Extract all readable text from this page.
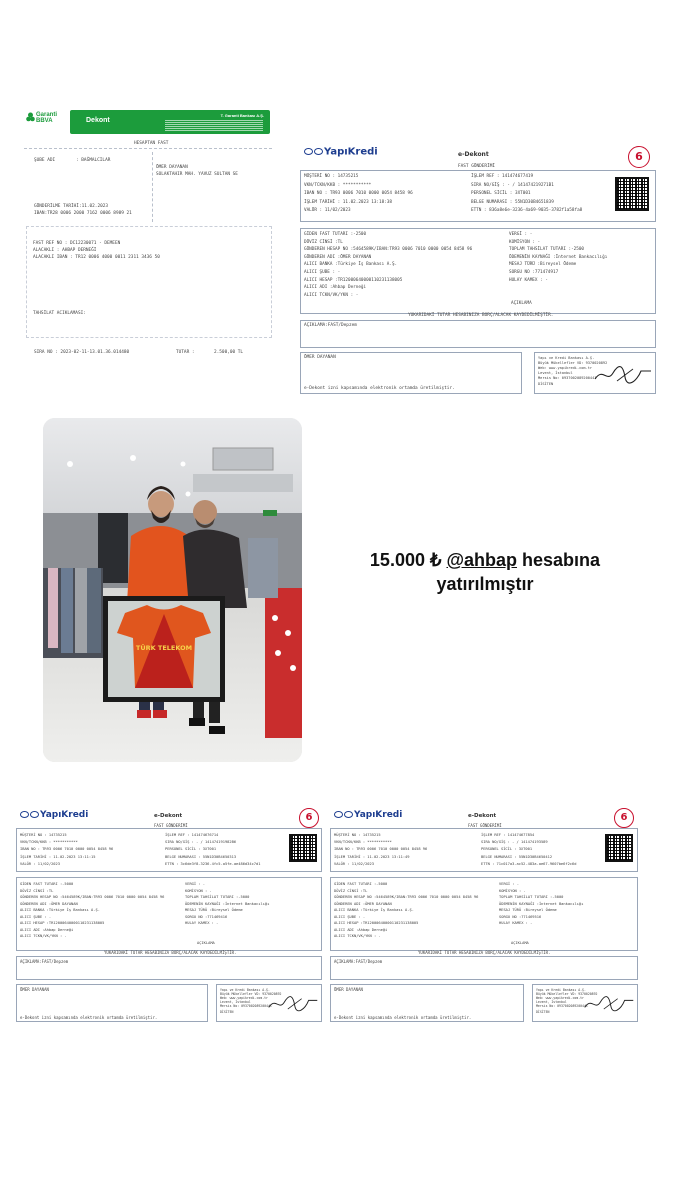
Garanti BBVA	Dekont
T. Garanti Bankası A.Ş.
HESAPTAN FAST
ŞUBE ADI	: BAĞMALCILAR
ÖMER DAYANAN
SOLAKTAHIR MAH. YAVUZ SULTAN SE
GÖNDERİLME TARİHİ:11.02.2023
IBAN:TR28 0006 2000 7162 0006 8989 21
FAST REF NO : DC12230071 - DEMEEN
ALACAKLI : AHBAP DERNEĞİ
ALACAKLI IBAN : TR12 0006 4000 0011 2311 3436 50
TAHSİLAT ACIKLAMASI:
SIRA NO : 2023-02-11-13.01.36.014480	TUTAR :	2.500,00 TL
YapıKredi	e-Dekont	6
FAST GÖNDERİMİ
MÜŞTERİ NO : 14735215
VKN/TCKN/KKB : ***********
IBAN NO : TR93 0006 7010 0000 0054 8458 96
İŞLEM TARİHİ : 11.02.2023 13:18:38
VALÖR : 11/02/2023
İŞLEM REF : 141474677419
SIRA NO/GİŞ : - / 141474219271B1
PERSONEL SİCİL : 3XT001
BELGE NUMARASI : 55N1D30B4651839
ETTN : 836a8e6e-3236-4a69-9035-3782f1a58fa8
GİDEN FAST TUTARI :-2500
DÖVİZ CİNSİ :TL
GÖNDEREN HESAP NO :5464589K/IBAN:TR93 0006 7010 0000 0054 8458 96
GÖNDEREN ADI :ÖMER DAYANAN
ALICI BANKA :Türkiye İş Bankası A.Ş.
ALICI ŞUBE : -
ALICI HESAP :TR12000640000110231138005
ALICI ADI :Ahbap Derneği
ALICI TCKN/VK/YKN : -
VERGİ : -
KOMİSYON : -
TOPLAM TAHSİLAT TUTARI :-2500
ÖDEMENİN KAYNAĞI :İnternet Bankacılığı
MESAJ TÜRÜ :Bireysel Ödeme
SORGU NO :771474917
HULAY KAMEX : -
AÇIKLAMA
YUKARIDAKİ TUTAR HESABINIZA BORÇ/ALACAK KAYDEDİLMİŞTİR.
AÇIKLAMA:FAST/Depzem
ÖMER DAYANAN
e-Dekont izni kapsamında elektronik ortamda üretilmiştir.
Yapı ve Kredi Bankası A.Ş.
Büyük Mükellefler VD: 9370020892
Web: www.yapikredi.com.tr
Levent, İstanbul
Mersis No: 0937002089200441
DİSİTEN
TÜRK TELEKOM
15.000 ₺ @ahbap hesabına
yatırılmıştır
YapıKredi	e-Dekont	6
FAST GÖNDERİMİ
MÜŞTERİ NO : 14735215
VKN/TCKN/KKB : ***********
IBAN NO : TR93 0006 7010 0000 0054 8458 96
İŞLEM TARİHİ : 11.02.2023 13:11:15
VALÖR : 11/02/2023
İŞLEM REF : 141474676714
SIRA NO/GİŞ : - / 141474191982B6
PERSONEL SİCİL : 3XT001
BELGE NUMARASI : 55N1D30B4650313
ETTN : 3c6de3f8-3236-4fc5-a5fe-ae486d34c7d1
GİDEN FAST TUTARI :-5000
DÖVİZ CİNSİ :TL
GÖNDEREN HESAP NO :5464589K/IBAN:TR93 0006 7010 0000 0054 8458 96
GÖNDEREN ADI :ÖMER DAYANAN
ALICI BANKA :Türkiye İş Bankası A.Ş.
ALICI ŞUBE : -
ALICI HESAP :TR12000640000110231138005
ALICI ADI :Ahbap Derneği
ALICI TCKN/VK/YKN : -
VERGİ : -
KOMİSYON : -
TOPLAM TAHSİLAT TUTARI :-5000
ÖDEMENİN KAYNAĞI :İnternet Bankacılığı
MESAJ TÜRÜ :Bireysel Ödeme
SORGU NO :771469416
HULAY KAMEX : -
AÇIKLAMA
YUKARIDAKİ TUTAR HESABINIZA BORÇ/ALACAK KAYDEDİLMİŞTİR.
AÇIKLAMA:FAST/Depzem
ÖMER DAYANAN
e-Dekont izni kapsamında elektronik ortamda üretilmiştir.
Yapı ve Kredi Bankası A.Ş.
Büyük Mükellefler VD: 9370020892
Web: www.yapikredi.com.tr
Levent, İstanbul
Mersis No: 0937002089200441
DİSİTEN
YapıKredi	e-Dekont	6
FAST GÖNDERİMİ
MÜŞTERİ NO : 14735215
VKN/TCKN/KKB : ***********
IBAN NO : TR93 0006 7010 0000 0054 8458 96
İŞLEM TARİHİ : 11.02.2023 13:11:49
VALÖR : 11/02/2023
İŞLEM REF : 141474677854
SIRA NO/GİŞ : - / 141474193589
PERSONEL SİCİL : 3XT001
BELGE NUMARASI : 55N1D30B4650412
ETTN : 71c017a3-ac52-483a-ae67-9607be6f2c6d
GİDEN FAST TUTARI :-5000
DÖVİZ CİNSİ :TL
GÖNDEREN HESAP NO :5464589K/IBAN:TR93 0006 7010 0000 0054 8458 96
GÖNDEREN ADI :ÖMER DAYANAN
ALICI BANKA :Türkiye İş Bankası A.Ş.
ALICI ŞUBE : -
ALICI HESAP :TR12000640000110231138005
ALICI ADI :Ahbap Derneği
ALICI TCKN/VK/YKN : -
VERGİ : -
KOMİSYON : -
TOPLAM TAHSİLAT TUTARI :-5000
ÖDEMENİN KAYNAĞI :İnternet Bankacılığı
MESAJ TÜRÜ :Bireysel Ödeme
SORGU NO :771469516
HULAY KAMEX : -
AÇIKLAMA
YUKARIDAKİ TUTAR HESABINIZA BORÇ/ALACAK KAYDEDİLMİŞTİR.
AÇIKLAMA:FAST/Depzem
ÖMER DAYANAN
e-Dekont izni kapsamında elektronik ortamda üretilmiştir.
Yapı ve Kredi Bankası A.Ş.
Büyük Mükellefler VD: 9370020892
Web: www.yapikredi.com.tr
Levent, İstanbul
Mersis No: 0937002089200441
DİSİTEN
